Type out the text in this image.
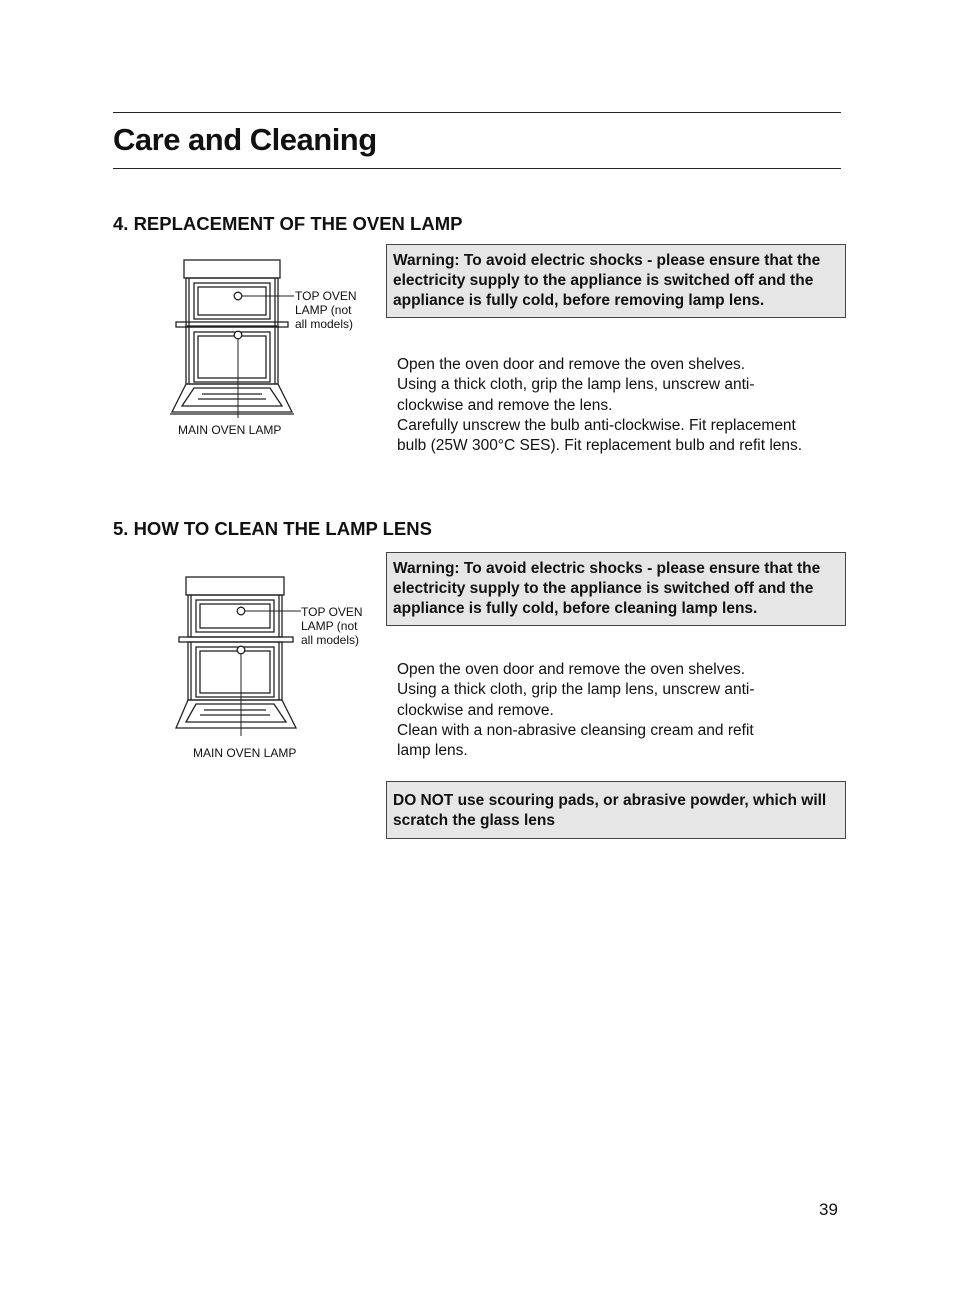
Care and Cleaning
4. REPLACEMENT OF THE OVEN LAMP
TOP OVEN
LAMP (not
all models)
MAIN OVEN LAMP
Warning: To avoid electric shocks - please ensure that the electricity supply to the appliance is switched off and the appliance is fully cold, before removing lamp lens.

Open the oven door and remove the oven shelves.

Using a thick cloth, grip the lamp lens, unscrew anti-clockwise and remove the lens.

Carefully unscrew the bulb anti-clockwise. Fit replacement bulb (25W 300°C SES). Fit replacement bulb and refit lens.

5. HOW TO CLEAN THE LAMP LENS
TOP OVEN
LAMP (not
all models)
MAIN OVEN LAMP
Warning: To avoid electric shocks - please ensure that the electricity supply to the appliance is switched off and the appliance is fully cold, before cleaning lamp lens.

Open the oven door and remove the oven shelves.

Using a thick cloth, grip the lamp lens, unscrew anti-clockwise and remove.

Clean with a non-abrasive cleansing cream and refit lamp lens.

DO NOT use scouring pads, or abrasive powder, which will scratch the glass lens
39
